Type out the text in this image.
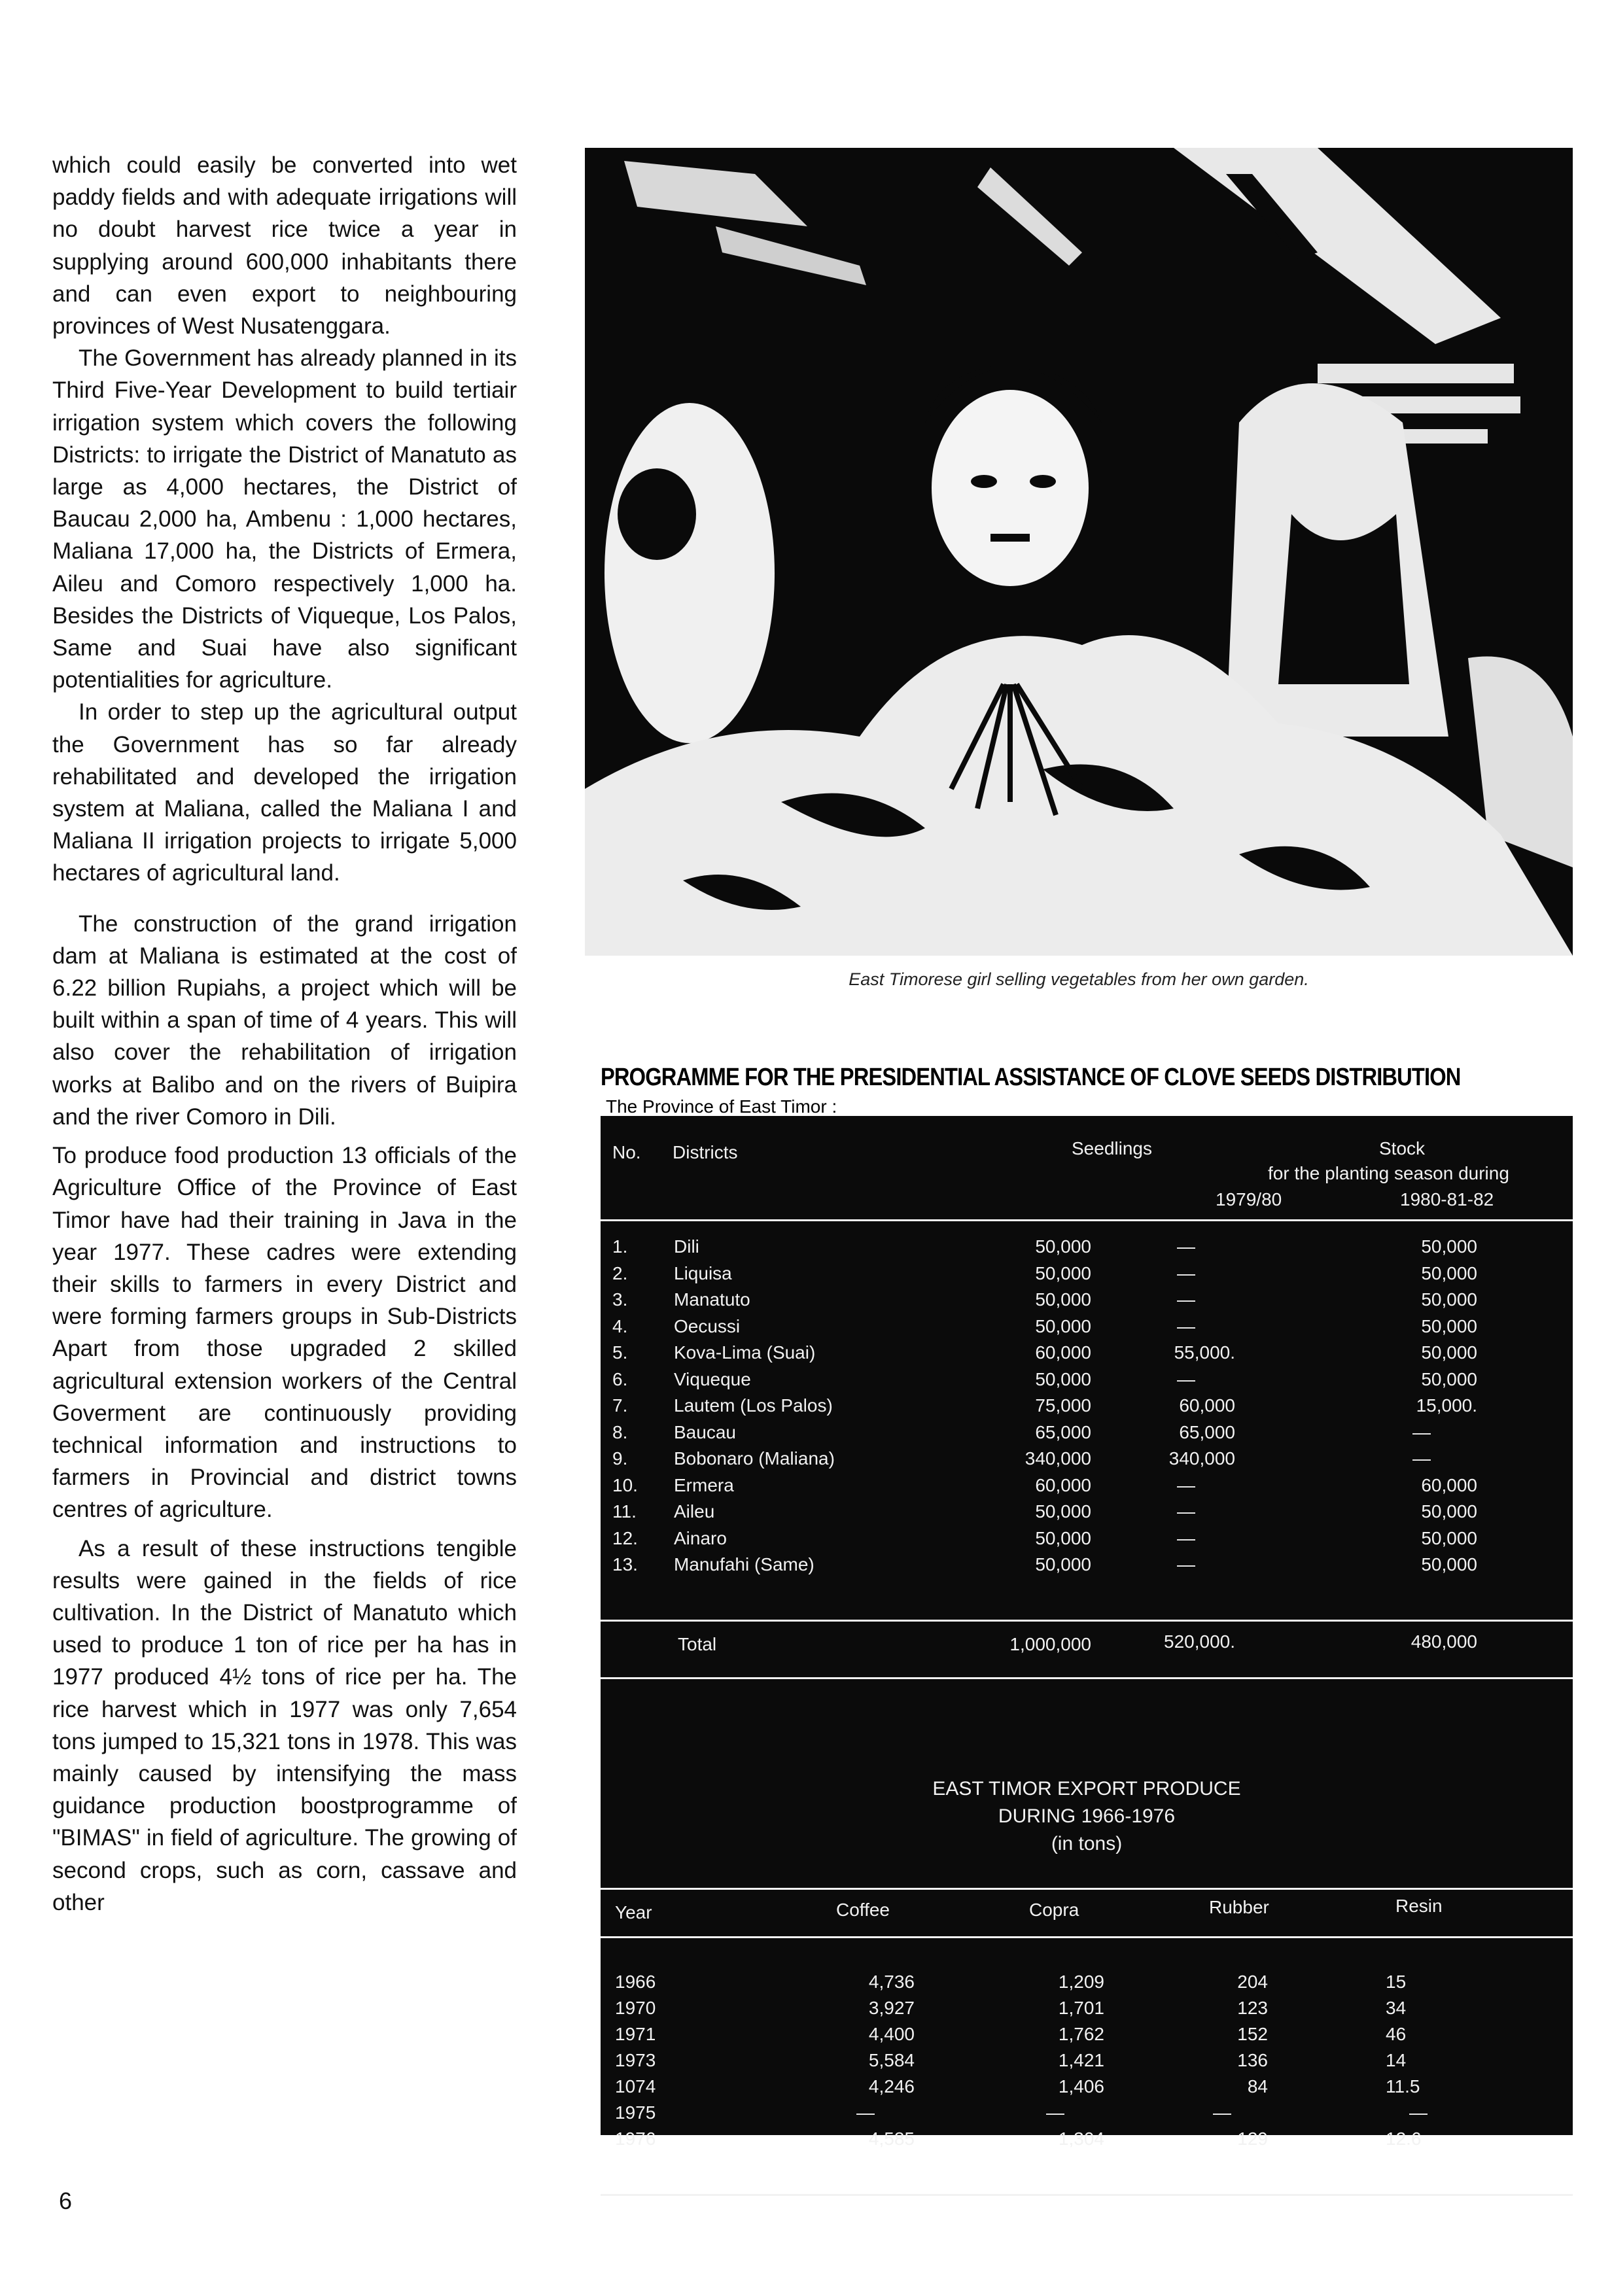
which could easily be converted into wet paddy fields and with adequate irrigations will no doubt harvest rice twice a year in supplying around 600,000 inhabitants there and can even export to neighbouring provinces of West Nusatenggara.

The Government has already planned in its Third Five-Year Development to build tertiair irrigation system which covers the following Districts: to irrigate the District of Manatuto as large as 4,000 hectares, the District of Baucau 2,000 ha, Ambenu : 1,000 hectares, Maliana 17,000 ha, the Districts of Ermera, Aileu and Comoro respectively 1,000 ha. Besides the Districts of Viqueque, Los Palos, Same and Suai have also significant potentialities for agriculture.

In order to step up the agricultural output the Government has so far already rehabilitated and developed the irrigation system at Maliana, called the Maliana I and Maliana II irrigation projects to irrigate 5,000 hectares of agricultural land.

The construction of the grand irrigation dam at Maliana is estimated at the cost of 6.22 billion Rupiahs, a project which will be built within a span of time of 4 years. This will also cover the rehabilitation of irrigation works at Balibo and on the rivers of Buipira and the river Comoro in Dili.

To produce food production 13 officials of the Agriculture Office of the Province of East Timor have had their training in Java in the year 1977. These cadres were extending their skills to farmers in every District and were forming farmers groups in Sub-Districts Apart from those upgraded 2 skilled agricultural extension workers of the Central Goverment are continuously providing technical information and instructions to farmers in Provincial and district towns centres of agriculture.

As a result of these instructions tengible results were gained in the fields of rice cultivation. In the District of Manatuto which used to produce 1 ton of rice per ha has in 1977 produced 4½ tons of rice per ha. The rice harvest which in 1977 was only 7,654 tons jumped to 15,321 tons in 1978. This was mainly caused by intensifying the mass guidance production boostprogramme of "BIMAS" in field of agriculture. The growing of second crops, such as corn, cassave and other

East Timorese girl selling vegetables from her own garden.
PROGRAMME FOR THE PRESIDENTIAL ASSISTANCE OF CLOVE SEEDS DISTRIBUTION
The Province of East Timor :
No. Districts	Seedlings	Stock
for the planting season during
1979/80	1980-81-82
1.	Dili	50,000	—	50,000
2.	Liquisa	50,000	—	50,000
3.	Manatuto	50,000	—	50,000
4.	Oecussi	50,000	—	50,000
5.	Kova-Lima (Suai)	60,000	55,000.	50,000
6.	Viqueque	50,000	—	50,000
7.	Lautem (Los Palos)	75,000	60,000	15,000.
8.	Baucau	65,000	65,000	—
9.	Bobonaro (Maliana)	340,000	340,000	—
10.	Ermera	60,000	—	60,000
11.	Aileu	50,000	—	50,000
12.	Ainaro	50,000	—	50,000
13.	Manufahi (Same)	50,000	—	50,000
Total	1,000,000	520,000.	480,000
EAST TIMOR EXPORT PRODUCE
DURING 1966-1976
(in tons)
Year	Coffee	Copra	Rubber	Resin
1966	4,736	1,209	204	15
1970	3,927	1,701	123	34
1971	4,400	1,762	152	46
1973	5,584	1,421	136	14
1074	4,246	1,406	84	11.5
1975	—	—	—	—
1976	4,585	1,304	129	12.6
6
